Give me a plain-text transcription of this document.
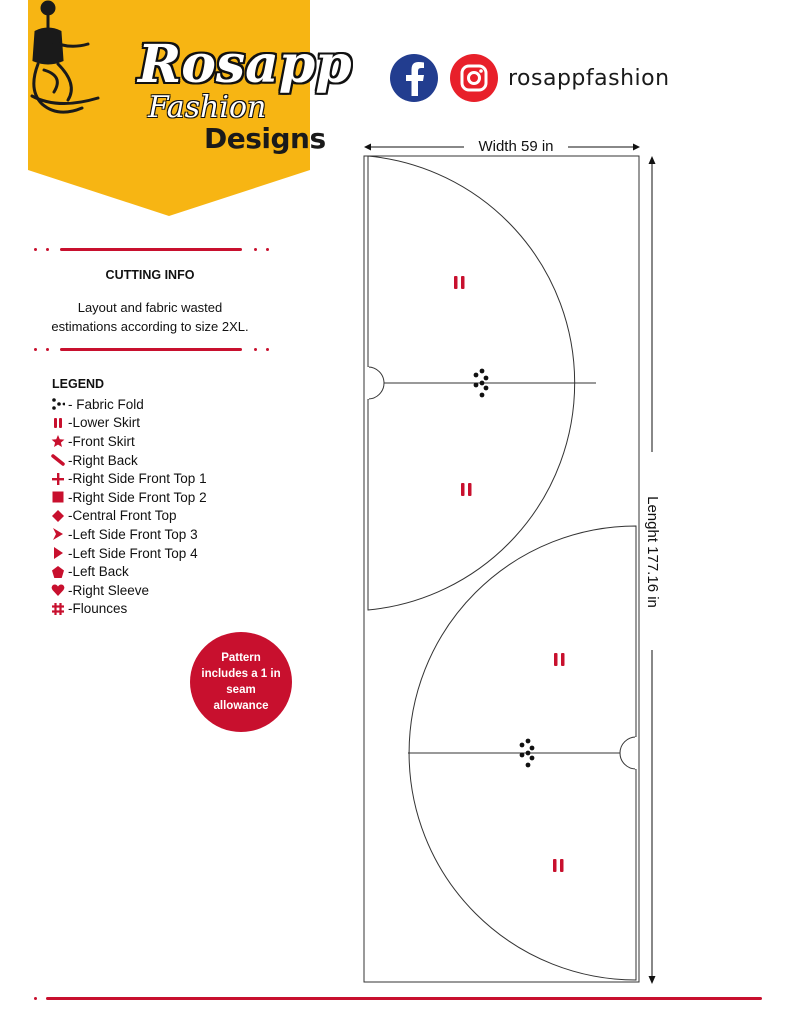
Rosapp
Fashion
Designs
rosappfashion
CUTTING INFO
Layout and fabric wasted
estimations according to size 2XL.
LEGEND
- Fabric Fold
-Lower Skirt
-Front Skirt
-Right Back
-Right Side Front Top 1
-Right Side Front Top 2
-Central Front Top
-Left Side Front Top 3
-Left Side Front Top 4
-Left Back
-Right Sleeve
-Flounces
Pattern
includes a 1 in
seam
allowance
Width 59 in
Lenght 177.16 in
